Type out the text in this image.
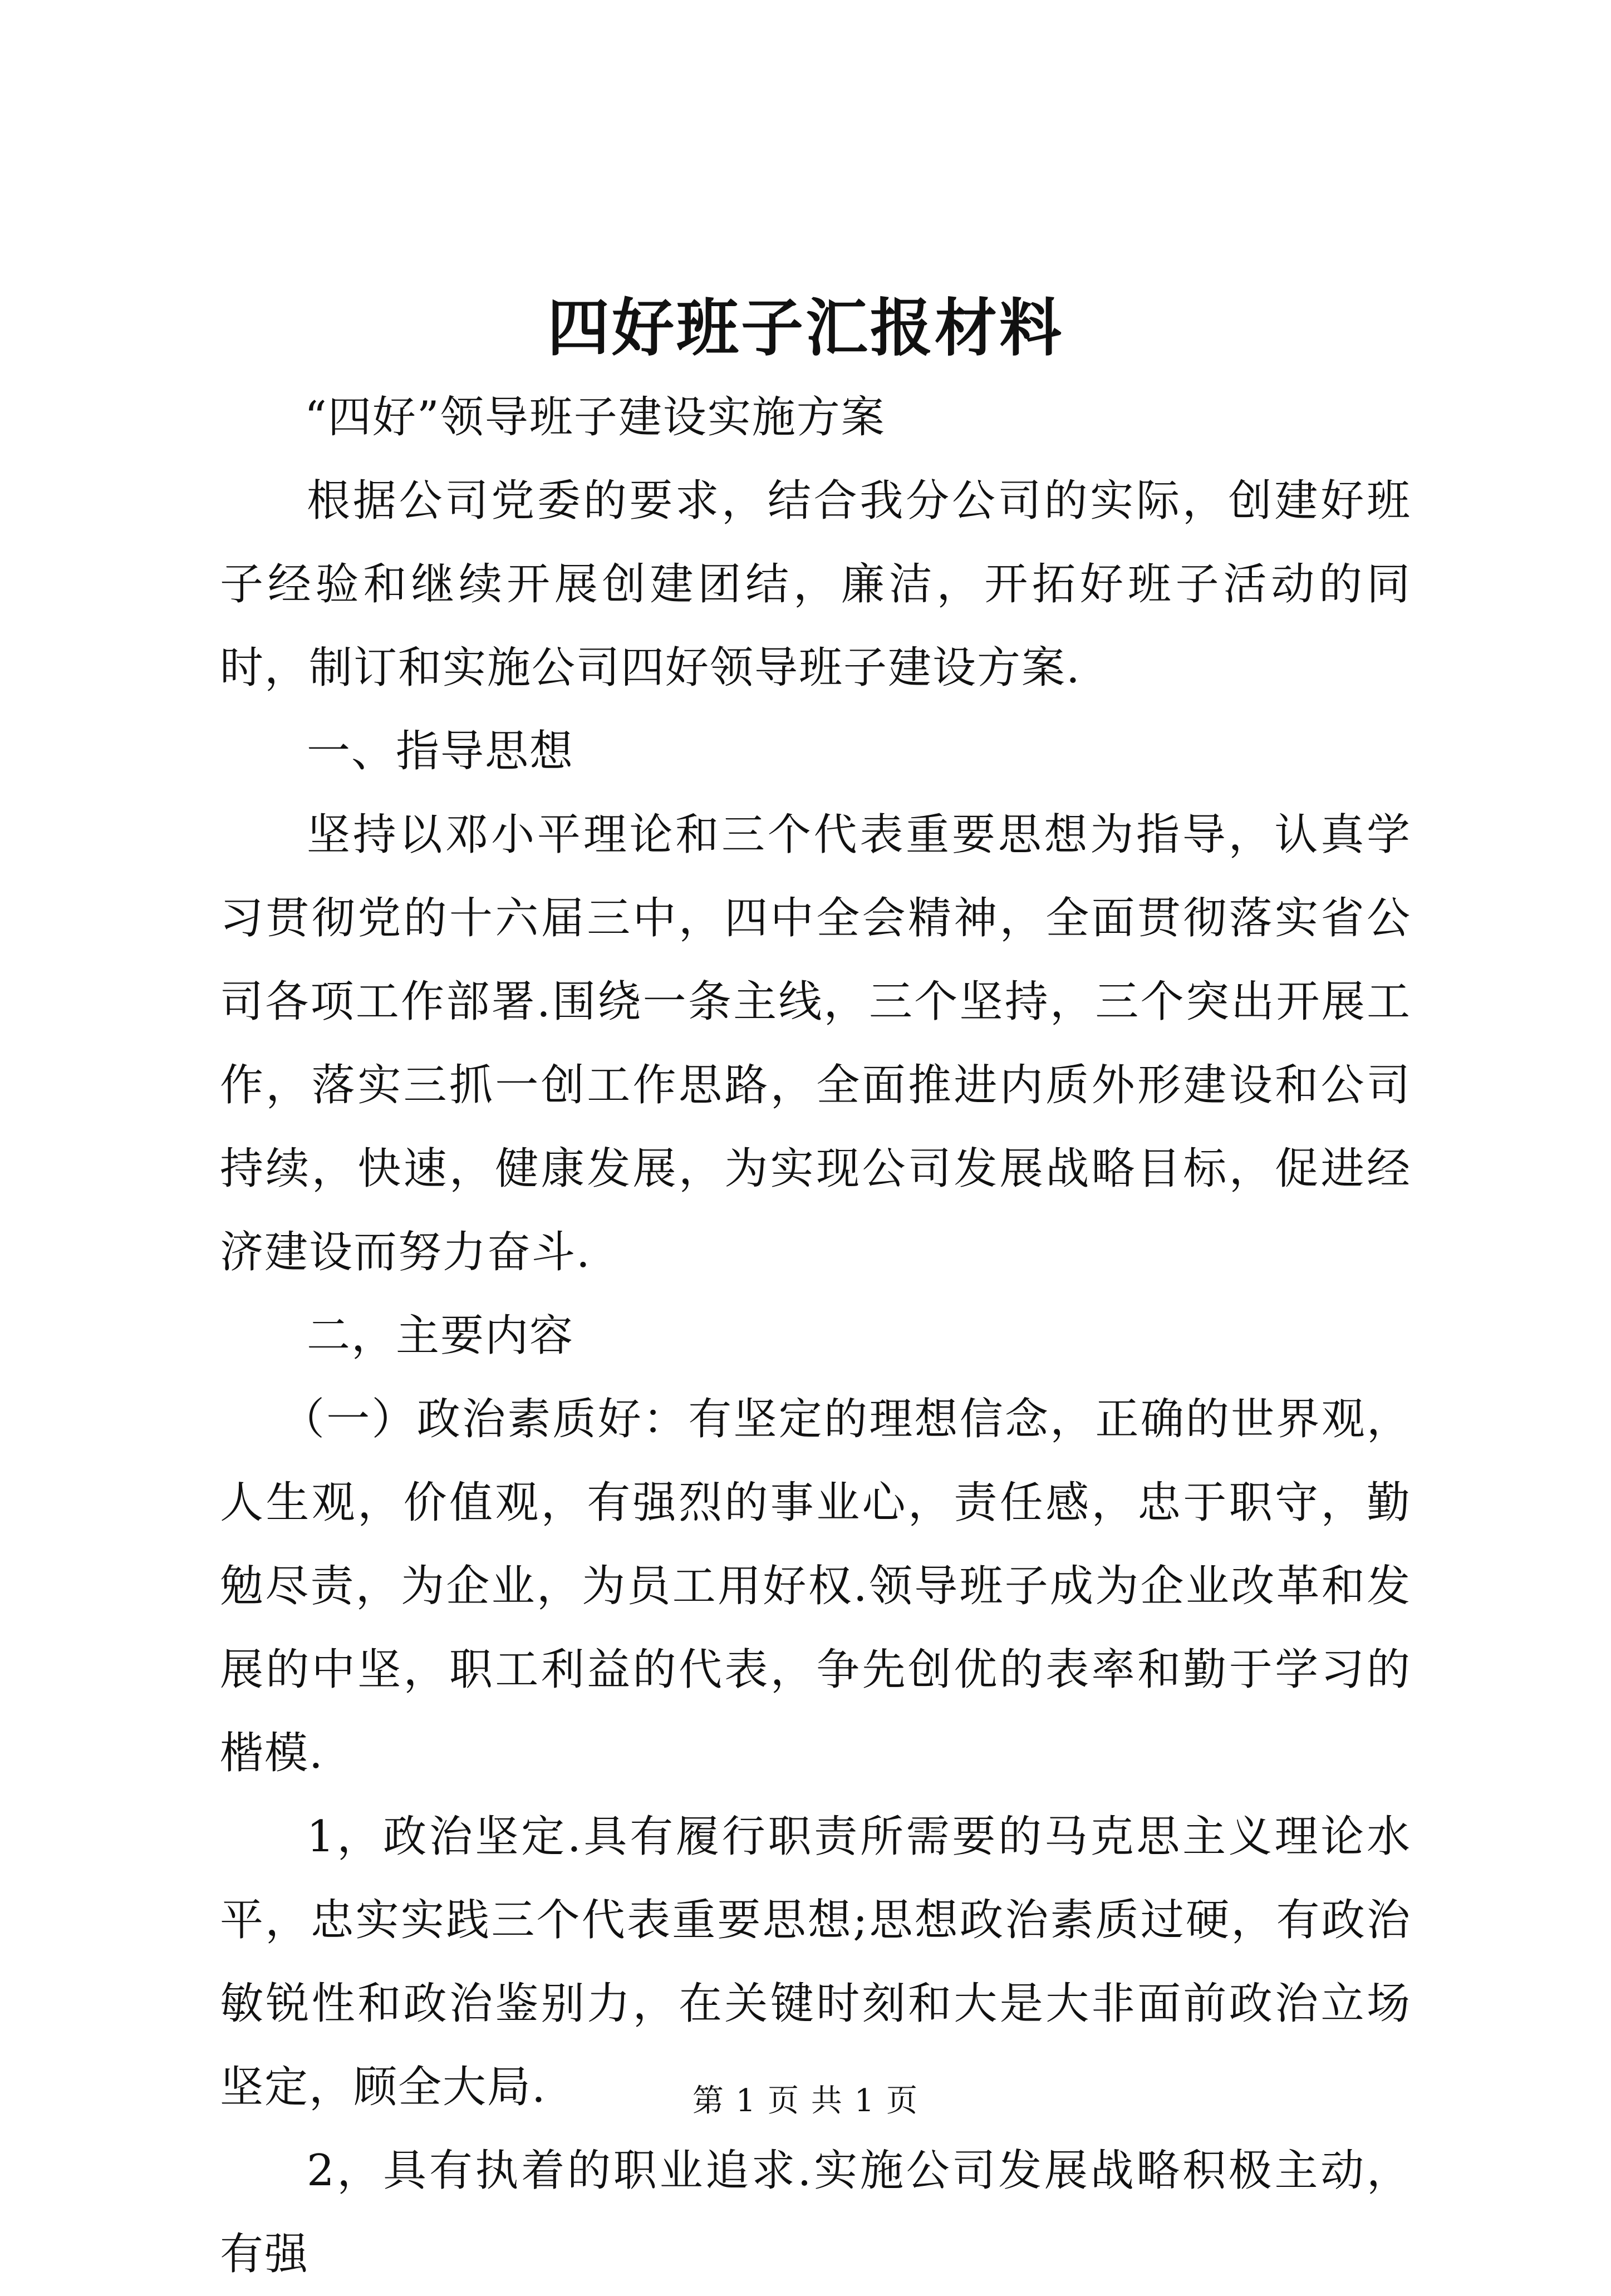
四好班子汇报材料

“四好”领导班子建设实施方案

根据公司党委的要求，结合我分公司的实际，创建好班子经验和继续开展创建团结，廉洁，开拓好班子活动的同时，制订和实施公司四好领导班子建设方案.

一、指导思想

坚持以邓小平理论和三个代表重要思想为指导，认真学习贯彻党的十六届三中，四中全会精神，全面贯彻落实省公司各项工作部署.围绕一条主线，三个坚持，三个突出开展工作，落实三抓一创工作思路，全面推进内质外形建设和公司持续，快速，健康发展，为实现公司发展战略目标，促进经济建设而努力奋斗.

二，主要内容

（一）政治素质好：有坚定的理想信念，正确的世界观，人生观，价值观，有强烈的事业心，责任感，忠于职守，勤勉尽责，为企业，为员工用好权.领导班子成为企业改革和发展的中坚，职工利益的代表，争先创优的表率和勤于学习的楷模.

1，政治坚定.具有履行职责所需要的马克思主义理论水平，忠实实践三个代表重要思想;思想政治素质过硬，有政治敏锐性和政治鉴别力，在关键时刻和大是大非面前政治立场坚定，顾全大局.

2，具有执着的职业追求.实施公司发展战略积极主动，有强

第 1 页 共 1 页
